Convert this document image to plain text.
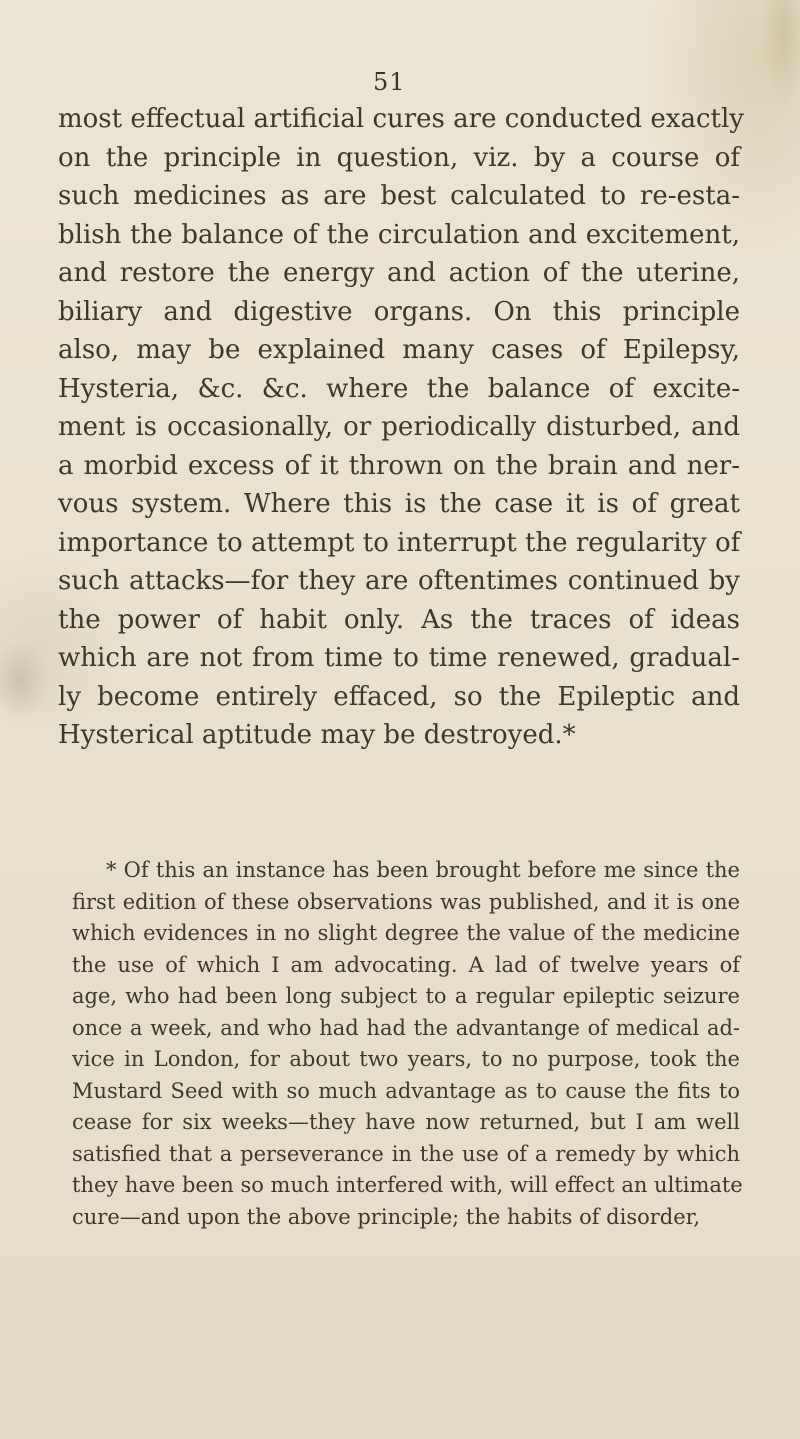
51
most effectual artificial cures are conducted exactly
on the principle in question, viz. by a course of
such medicines as are best calculated to re-esta-
blish the balance of the circulation and excitement,
and restore the energy and action of the uterine,
biliary and digestive organs. On this principle
also, may be explained many cases of Epilepsy,
Hysteria, &c. &c. where the balance of excite-
ment is occasionally, or periodically disturbed, and
a morbid excess of it thrown on the brain and ner-
vous system. Where this is the case it is of great
importance to attempt to interrupt the regularity of
such attacks—for they are oftentimes continued by
the power of habit only. As the traces of ideas
which are not from time to time renewed, gradual-
ly become entirely effaced, so the Epileptic and
Hysterical aptitude may be destroyed.*
* Of this an instance has been brought before me since the
first edition of these observations was published, and it is one
which evidences in no slight degree the value of the medicine
the use of which I am advocating. A lad of twelve years of
age, who had been long subject to a regular epileptic seizure
once a week, and who had had the advantange of medical ad-
vice in London, for about two years, to no purpose, took the
Mustard Seed with so much advantage as to cause the fits to
cease for six weeks—they have now returned, but I am well
satisfied that a perseverance in the use of a remedy by which
they have been so much interfered with, will effect an ultimate
cure—and upon the above principle; the habits of disorder,
